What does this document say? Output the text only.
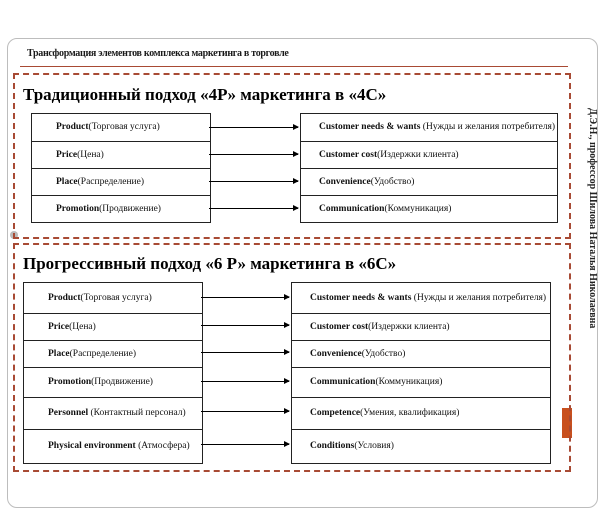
Трансформация элементов комплекса маркетинга в торговле
Д.Э.Н., профессор Шилова Наталья Николаевна
Традиционный подход «4P» маркетинга в «4С»
Product (Торговая услуга)
Price (Цена)
Place (Распределение)
Promotion (Продвижение)
Customer needs & wants (Нужды и желания потребителя)
Customer cost (Издержки клиента)
Convenience (Удобство)
Communication (Коммуникация)
Прогрессивный подход «6 Р» маркетинга в «6С»
Product (Торговая услуга)
Price (Цена)
Place (Распределение)
Promotion (Продвижение)
Personnel (Контактный персонал)
Physical environment (Атмосфера)
Customer needs & wants (Нужды и желания потребителя)
Customer cost (Издержки клиента)
Convenience (Удобство)
Communication (Коммуникация)
Competence (Умения, квалификация)
Conditions (Условия)
